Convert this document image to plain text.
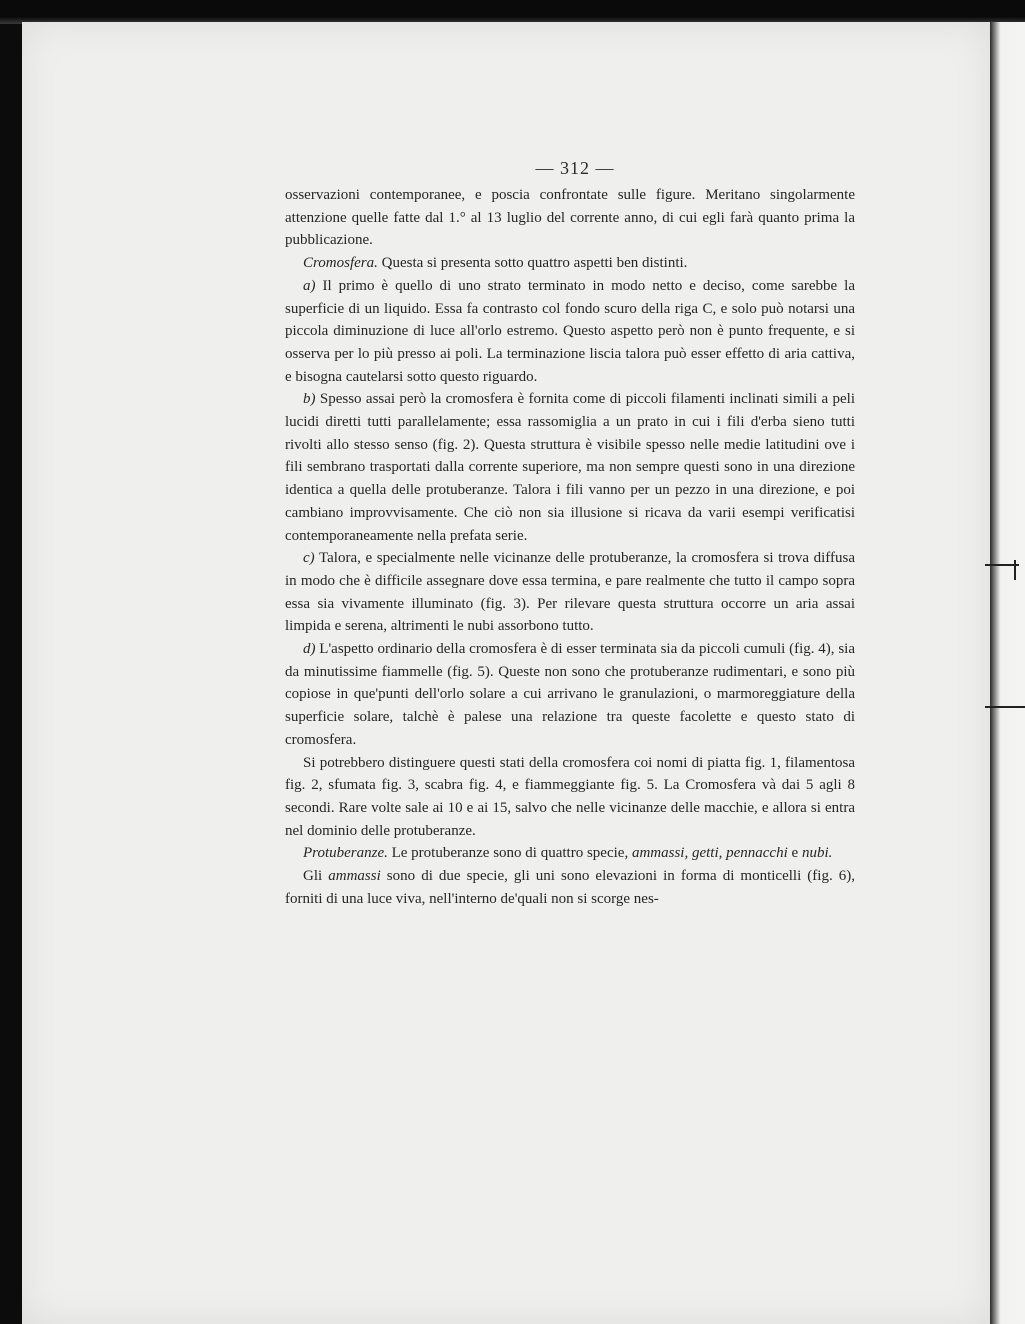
— 312 —

osservazioni contemporanee, e poscia confrontate sulle figure. Meritano singolarmente attenzione quelle fatte dal 1.° al 13 luglio del corrente anno, di cui egli farà quanto prima la pubblicazione.

Cromosfera. Questa si presenta sotto quattro aspetti ben distinti.

a) Il primo è quello di uno strato terminato in modo netto e deciso, come sarebbe la superficie di un liquido. Essa fa contrasto col fondo scuro della riga C, e solo può notarsi una piccola diminuzione di luce all'orlo estremo. Questo aspetto però non è punto frequente, e si osserva per lo più presso ai poli. La terminazione liscia talora può esser effetto di aria cattiva, e bisogna cautelarsi sotto questo riguardo.

b) Spesso assai però la cromosfera è fornita come di piccoli filamenti inclinati simili a peli lucidi diretti tutti parallelamente; essa rassomiglia a un prato in cui i fili d'erba sieno tutti rivolti allo stesso senso (fig. 2). Questa struttura è visibile spesso nelle medie latitudini ove i fili sembrano trasportati dalla corrente superiore, ma non sempre questi sono in una direzione identica a quella delle protuberanze. Talora i fili vanno per un pezzo in una direzione, e poi cambiano improvvisamente. Che ciò non sia illusione si ricava da varii esempi verificatisi contemporaneamente nella prefata serie.

c) Talora, e specialmente nelle vicinanze delle protuberanze, la cromosfera si trova diffusa in modo che è difficile assegnare dove essa termina, e pare realmente che tutto il campo sopra essa sia vivamente illuminato (fig. 3). Per rilevare questa struttura occorre un aria assai limpida e serena, altrimenti le nubi assorbono tutto.

d) L'aspetto ordinario della cromosfera è di esser terminata sia da piccoli cumuli (fig. 4), sia da minutissime fiammelle (fig. 5). Queste non sono che protuberanze rudimentari, e sono più copiose in que'punti dell'orlo solare a cui arrivano le granulazioni, o marmoreggiature della superficie solare, talchè è palese una relazione tra queste facolette e questo stato di cromosfera.

Si potrebbero distinguere questi stati della cromosfera coi nomi di piatta fig. 1, filamentosa fig. 2, sfumata fig. 3, scabra fig. 4, e fiammeggiante fig. 5. La Cromosfera và dai 5 agli 8 secondi. Rare volte sale ai 10 e ai 15, salvo che nelle vicinanze delle macchie, e allora si entra nel dominio delle protuberanze.

Protuberanze. Le protuberanze sono di quattro specie, ammassi, getti, pennacchi e nubi.

Gli ammassi sono di due specie, gli uni sono elevazioni in forma di monticelli (fig. 6), forniti di una luce viva, nell'interno de'quali non si scorge nes-
